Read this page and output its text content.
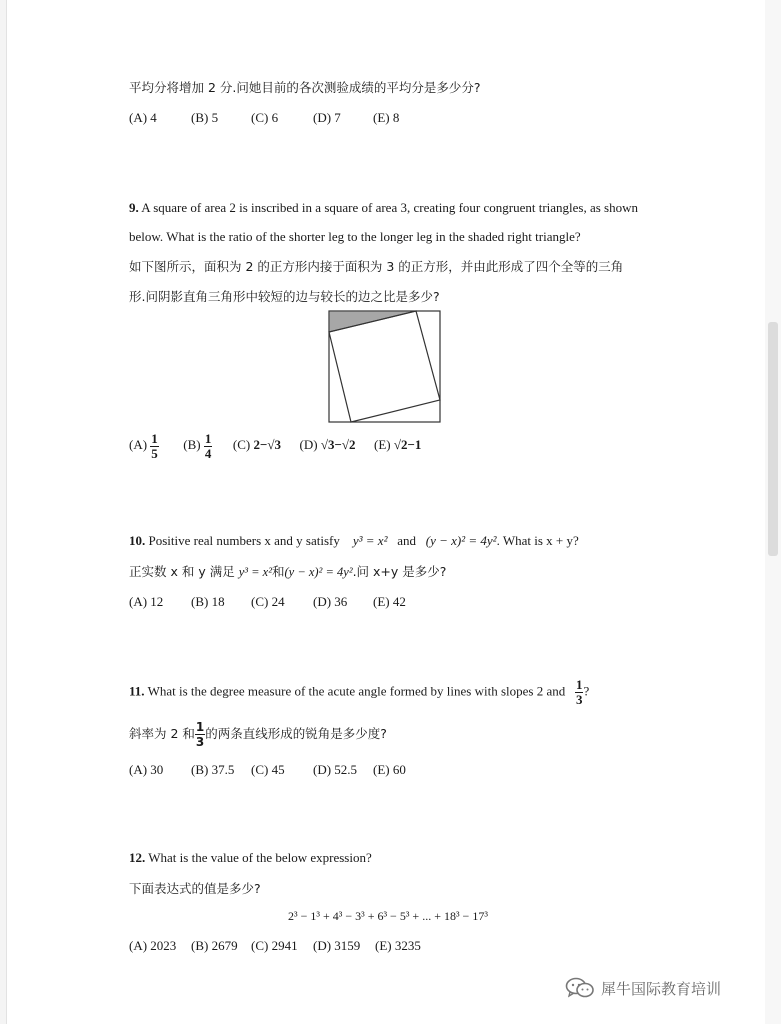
平均分将增加 2 分.问她目前的各次测验成绩的平均分是多少分?
(A) 4	(B) 5	(C) 6	(D) 7 (E) 8
9. A square of area 2 is inscribed in a square of area 3, creating four congruent triangles, as shown
below. What is the ratio of the shorter leg to the longer leg in the shaded right triangle?
如下图所示，面积为 2 的正方形内接于面积为 3 的正方形，并由此形成了四个全等的三角
形.问阴影直角三角形中较短的边与较长的边之比是多少?
$(A) \frac{1}{5} (B) \frac{1}{4} (C)$ 2−√3 (D) √3−√2 (E) √2−1
10. Positive real numbers x and y satisfy y³ = x² and (y − x)² = 4y². What is x + y?
正实数 x 和 y 满足 y³ = x²和(y − x)² = 4y².问 x+y 是多少?
(A) 12 (B) 18 (C) 24 (D) 36 (E) 42
11. What is the degree measure of the acute angle formed by lines with slopes 2 and $\frac{1}{3}$ ?
斜率为 2 和 $\frac{1}{3}$ 的两条直线形成的锐角是多少度?
(A) 30 (B) 37.5 (C) 45 (D) 52.5 (E) 60
12. What is the value of the below expression?
下面表达式的值是多少?
2³ − 1³ + 4³ − 3³ + 6³ − 5³ + ... + 18³ − 17³
(A) 2023 (B) 2679 (C) 2941 (D) 3159 (E) 3235
犀牛国际教育培训
